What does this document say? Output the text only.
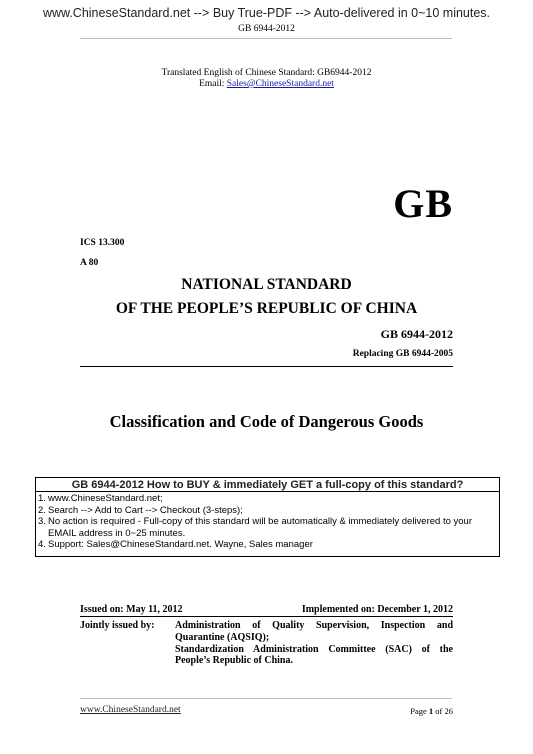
www.ChineseStandard.net --> Buy True-PDF --> Auto-delivered in 0~10 minutes.
GB 6944-2012
Translated English of Chinese Standard: GB6944-2012
Email: Sales@ChineseStandard.net
GB
ICS 13.300
A 80
NATIONAL STANDARD
OF THE PEOPLE’S REPUBLIC OF CHINA
GB 6944-2012
Replacing GB 6944-2005
Classification and Code of Dangerous Goods
GB 6944-2012 How to BUY & immediately GET a full-copy of this standard?
1. www.ChineseStandard.net;
2. Search --> Add to Cart --> Checkout (3-steps);
3. No action is required - Full-copy of this standard will be automatically & immediately delivered to your EMAIL address in 0~25 minutes.
4. Support: Sales@ChineseStandard.net. Wayne, Sales manager
Issued on: May 11, 2012	Implemented on: December 1, 2012
Jointly issued by: Administration of Quality Supervision, Inspection and Quarantine (AQSIQ);

Standardization Administration Committee (SAC) of the People’s Republic of China.

www.ChineseStandard.net	Page 1 of 26
